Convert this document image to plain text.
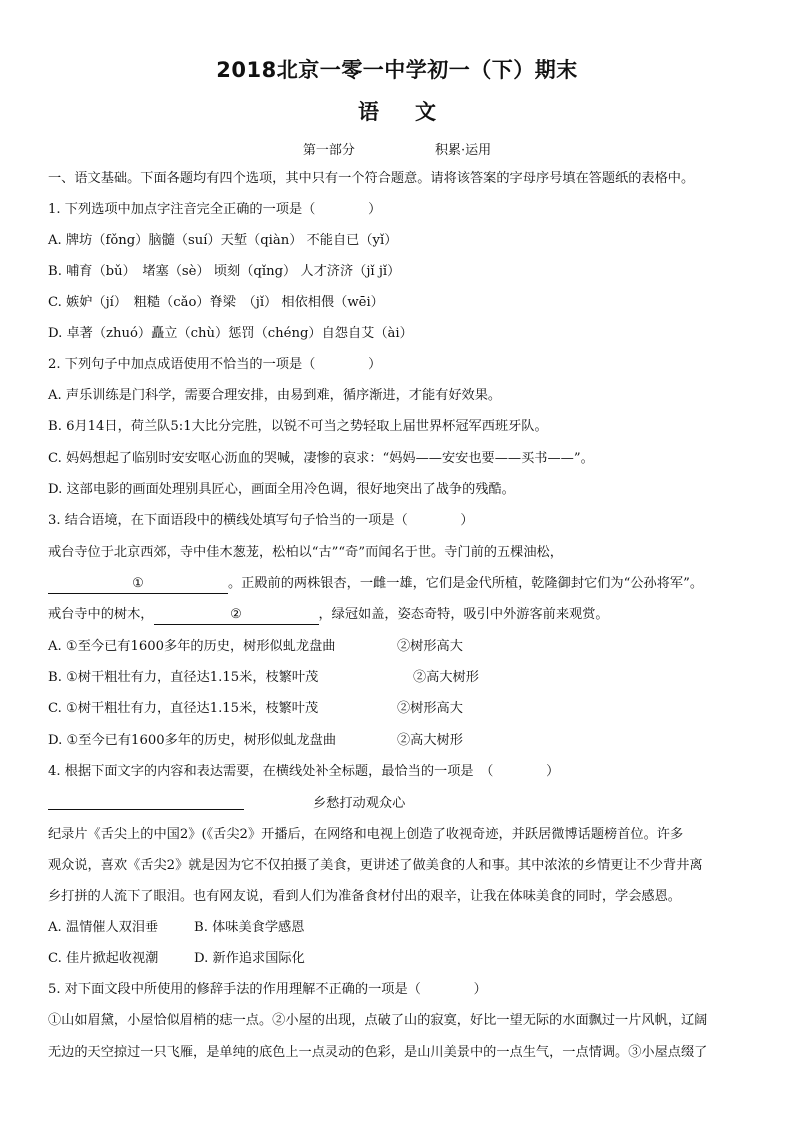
2018北京一零一中学初一（下）期末
语 文
第一部分	积累·运用
一、语文基础。下面各题均有四个选项，其中只有一个符合题意。请将该答案的字母序号填在答题纸的表格中。
1. 下列选项中加点字注音完全正确的一项是（　　　　）
A. 牌坊（fǒng）脑髓（suí）天堑（qiàn） 不能自已（yǐ）
B. 哺育（bǔ）　堵塞（sè） 顷刻（qǐng） 人才济济（jǐ jǐ）
C. 嫉妒（jí）　粗糙（cǎo）脊梁　（jǐ） 相依相偎（wēi）
D. 卓著（zhuó）矗立（chù）惩罚（chéng）自怨自艾（ài）
2. 下列句子中加点成语使用不恰当的一项是（　　　　）
A. 声乐训练是门科学，需要合理安排，由易到难，循序渐进，才能有好效果。
B. 6月14日，荷兰队5:1大比分完胜，以锐不可当之势轻取上届世界杯冠军西班牙队。
C. 妈妈想起了临别时安安呕心沥血的哭喊，凄惨的哀求：“妈妈——安安也要——买书——”。
D. 这部电影的画面处理别具匠心，画面全用冷色调，很好地突出了战争的残酷。
3. 结合语境，在下面语段中的横线处填写句子恰当的一项是（　　　　）
戒台寺位于北京西郊，寺中佳木葱茏，松柏以“古”“奇”而闻名于世。寺门前的五棵油松，
①	。正殿前的两株银杏，一雌一雄，它们是金代所植，乾隆御封它们为“公孙将军”。
戒台寺中的树木，	②	，绿冠如盖，姿态奇特，吸引中外游客前来观赏。
A. ①至今已有1600多年的历史，树形似虬龙盘曲	②树形高大
B. ①树干粗壮有力，直径达1.15米，枝繁叶茂	②高大树形
C. ①树干粗壮有力，直径达1.15米，枝繁叶茂	②树形高大
D. ①至今已有1600多年的历史，树形似虬龙盘曲	②高大树形
4. 根据下面文字的内容和表达需要，在横线处补全标题，最恰当的一项是　（　　　　）
乡愁打动观众心
纪录片《舌尖上的中国2》(《舌尖2》开播后，在网络和电视上创造了收视奇迹，并跃居微博话题榜首位。许多
观众说，喜欢《舌尖2》就是因为它不仅拍摄了美食，更讲述了做美食的人和事。其中浓浓的乡情更让不少背井离
乡打拼的人流下了眼泪。也有网友说，看到人们为准备食材付出的艰辛，让我在体味美食的同时，学会感恩。
A. 温情催人双泪垂	B. 体味美食学感恩
C. 佳片掀起收视潮	D. 新作追求国际化
5. 对下面文段中所使用的修辞手法的作用理解不正确的一项是（　　　　）
①山如眉黛，小屋恰似眉梢的痣一点。②小屋的出现，点破了山的寂寞，好比一望无际的水面飘过一片风帆，辽阔
无边的天空掠过一只飞雁，是单纯的底色上一点灵动的色彩，是山川美景中的一点生气，一点情调。③小屋点缀了
